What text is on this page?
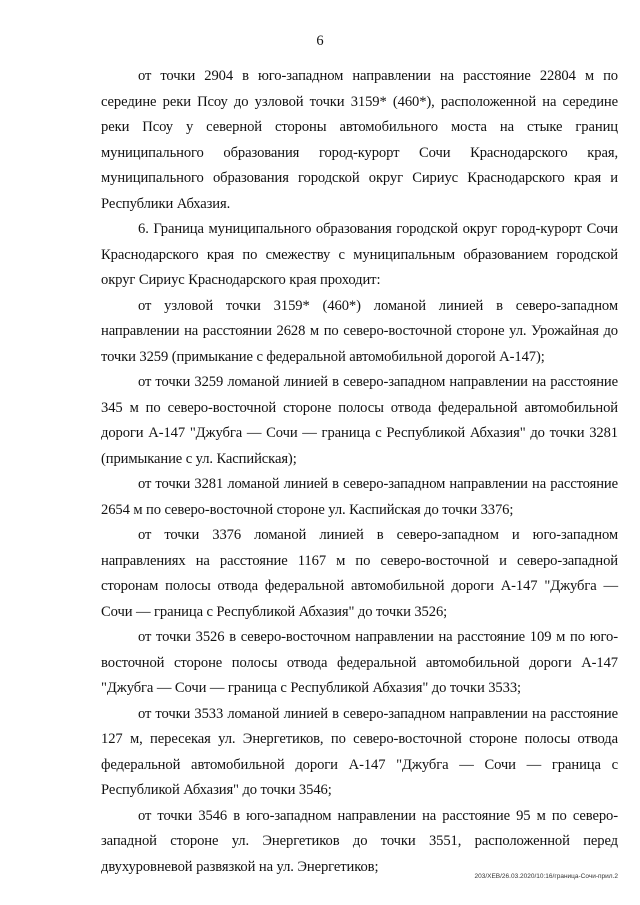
6

от точки 2904 в юго-западном направлении на расстояние 22804 м по середине реки Псоу до узловой точки 3159* (460*), расположенной на середине реки Псоу у северной стороны автомобильного моста на стыке границ муниципального образования город-курорт Сочи Краснодарского края, муниципального образования городской округ Сириус Краснодарского края и Республики Абхазия.

6. Граница муниципального образования городской округ город-курорт Сочи Краснодарского края по смежеству с муниципальным образованием городской округ Сириус Краснодарского края проходит:

от узловой точки 3159* (460*) ломаной линией в северо-западном направлении на расстоянии 2628 м по северо-восточной стороне ул. Урожайная до точки 3259 (примыкание с федеральной автомобильной дорогой А-147);

от точки 3259 ломаной линией в северо-западном направлении на расстояние 345 м по северо-восточной стороне полосы отвода федеральной автомобильной дороги А-147 "Джубга — Сочи — граница с Республикой Абхазия" до точки 3281 (примыкание с ул. Каспийская);

от точки 3281 ломаной линией в северо-западном направлении на расстояние 2654 м по северо-восточной стороне ул. Каспийская до точки 3376;

от точки 3376 ломаной линией в северо-западном и юго-западном направлениях на расстояние 1167 м по северо-восточной и северо-западной сторонам полосы отвода федеральной автомобильной дороги А-147 "Джубга — Сочи — граница с Республикой Абхазия" до точки 3526;

от точки 3526 в северо-восточном направлении на расстояние 109 м по юго-восточной стороне полосы отвода федеральной автомобильной дороги А-147 "Джубга — Сочи — граница с Республикой Абхазия" до точки 3533;

от точки 3533 ломаной линией в северо-западном направлении на расстояние 127 м, пересекая ул. Энергетиков, по северо-восточной стороне полосы отвода федеральной автомобильной дороги А-147 "Джубга — Сочи — граница с Республикой Абхазия" до точки 3546;

от точки 3546 в юго-западном направлении на расстояние 95 м по северо-западной стороне ул. Энергетиков до точки 3551, расположенной перед двухуровневой развязкой на ул. Энергетиков;

203/ХЕВ/26.03.2020/10:16/граница-Сочи-прил.2
